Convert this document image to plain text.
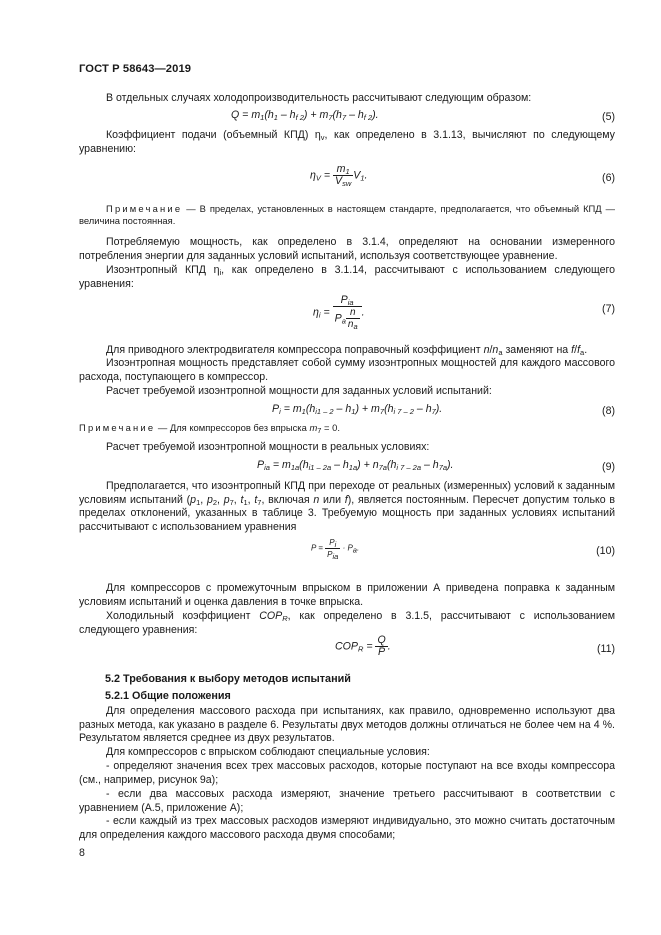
ГОСТ Р 58643—2019
В отдельных случаях холодопроизводительность рассчитывают следующим образом:
$Q = m_1(h_1 - h_{f 2}) + m_7(h_7 - h_{f 2})$.	(5)
Коэффициент подачи (объемный КПД) $\eta_v$, как определено в 3.1.13, вычисляют по следующему уравнению:
$\eta_V = \frac{m_1}{V_{sw}} V_1$.	(6)
Примечание — В пределах, установленных в настоящем стандарте, предполагается, что объемный КПД — величина постоянная.
Потребляемую мощность, как определено в 3.1.4, определяют на основании измеренного потребления энергии для заданных условий испытаний, используя соответствующее уравнение.
Изоэнтропный КПД $\eta_i$, как определено в 3.1.14, рассчитывают с использованием следующего уравнения:
$\eta_i = \frac{P_{ia}}{P_a \frac{n}{n_a}}$ .	(7)
Для приводного электродвигателя компрессора поправочный коэффициент $n/n_a$ заменяют на $f/f_a$.
Изоэнтропная мощность представляет собой сумму изоэнтропных мощностей для каждого массового расхода, поступающего в компрессор.
Расчет требуемой изоэнтропной мощности для заданных условий испытаний:
$P_i = m_1(h_{i1 - 2} - h_1) + m_7(h_{i 7 - 2} - h_7)$.	(8)
Примечание — Для компрессоров без впрыска $m_7 = 0$.
Расчет требуемой изоэнтропной мощности в реальных условиях:
$P_{ia} = m_{1a}(h_{i1 - 2a} - h_{1a}) + n_{7a}(h_{i 7 - 2a} - h_{7a})$.	(9)
Предполагается, что изоэнтропный КПД при переходе от реальных (измеренных) условий к заданным условиям испытаний ($p_1$, $p_2$, $p_7$, $t_1$, $t_7$, включая n или f), является постоянным. Пересчет допустим только в пределах отклонений, указанных в таблице 3. Требуемую мощность при заданных условиях испытаний рассчитывают с использованием уравнения
$P = \frac{P_i}{P_{ia}} \cdot P_a$.	(10)
Для компрессоров с промежуточным впрыском в приложении А приведена поправка к заданным условиям испытаний и оценка давления в точке впрыска.
Холодильный коэффициент $COP_R$, как определено в 3.1.5, рассчитывают с использованием следующего уравнения:
$COP_R = \frac{Q}{P}$ .	(11)
5.2 Требования к выбору методов испытаний
5.2.1 Общие положения
Для определения массового расхода при испытаниях, как правило, одновременно используют два разных метода, как указано в разделе 6. Результаты двух методов должны отличаться не более чем на 4 %. Результатом является среднее из двух результатов.
Для компрессоров с впрыском соблюдают специальные условия:
- определяют значения всех трех массовых расходов, которые поступают на все входы компрессора (см., например, рисунок 9а);
- если два массовых расхода измеряют, значение третьего рассчитывают в соответствии с уравнением (А.5, приложение А);
- если каждый из трех массовых расходов измеряют индивидуально, это можно считать достаточным для определения каждого массового расхода двумя способами;
8
